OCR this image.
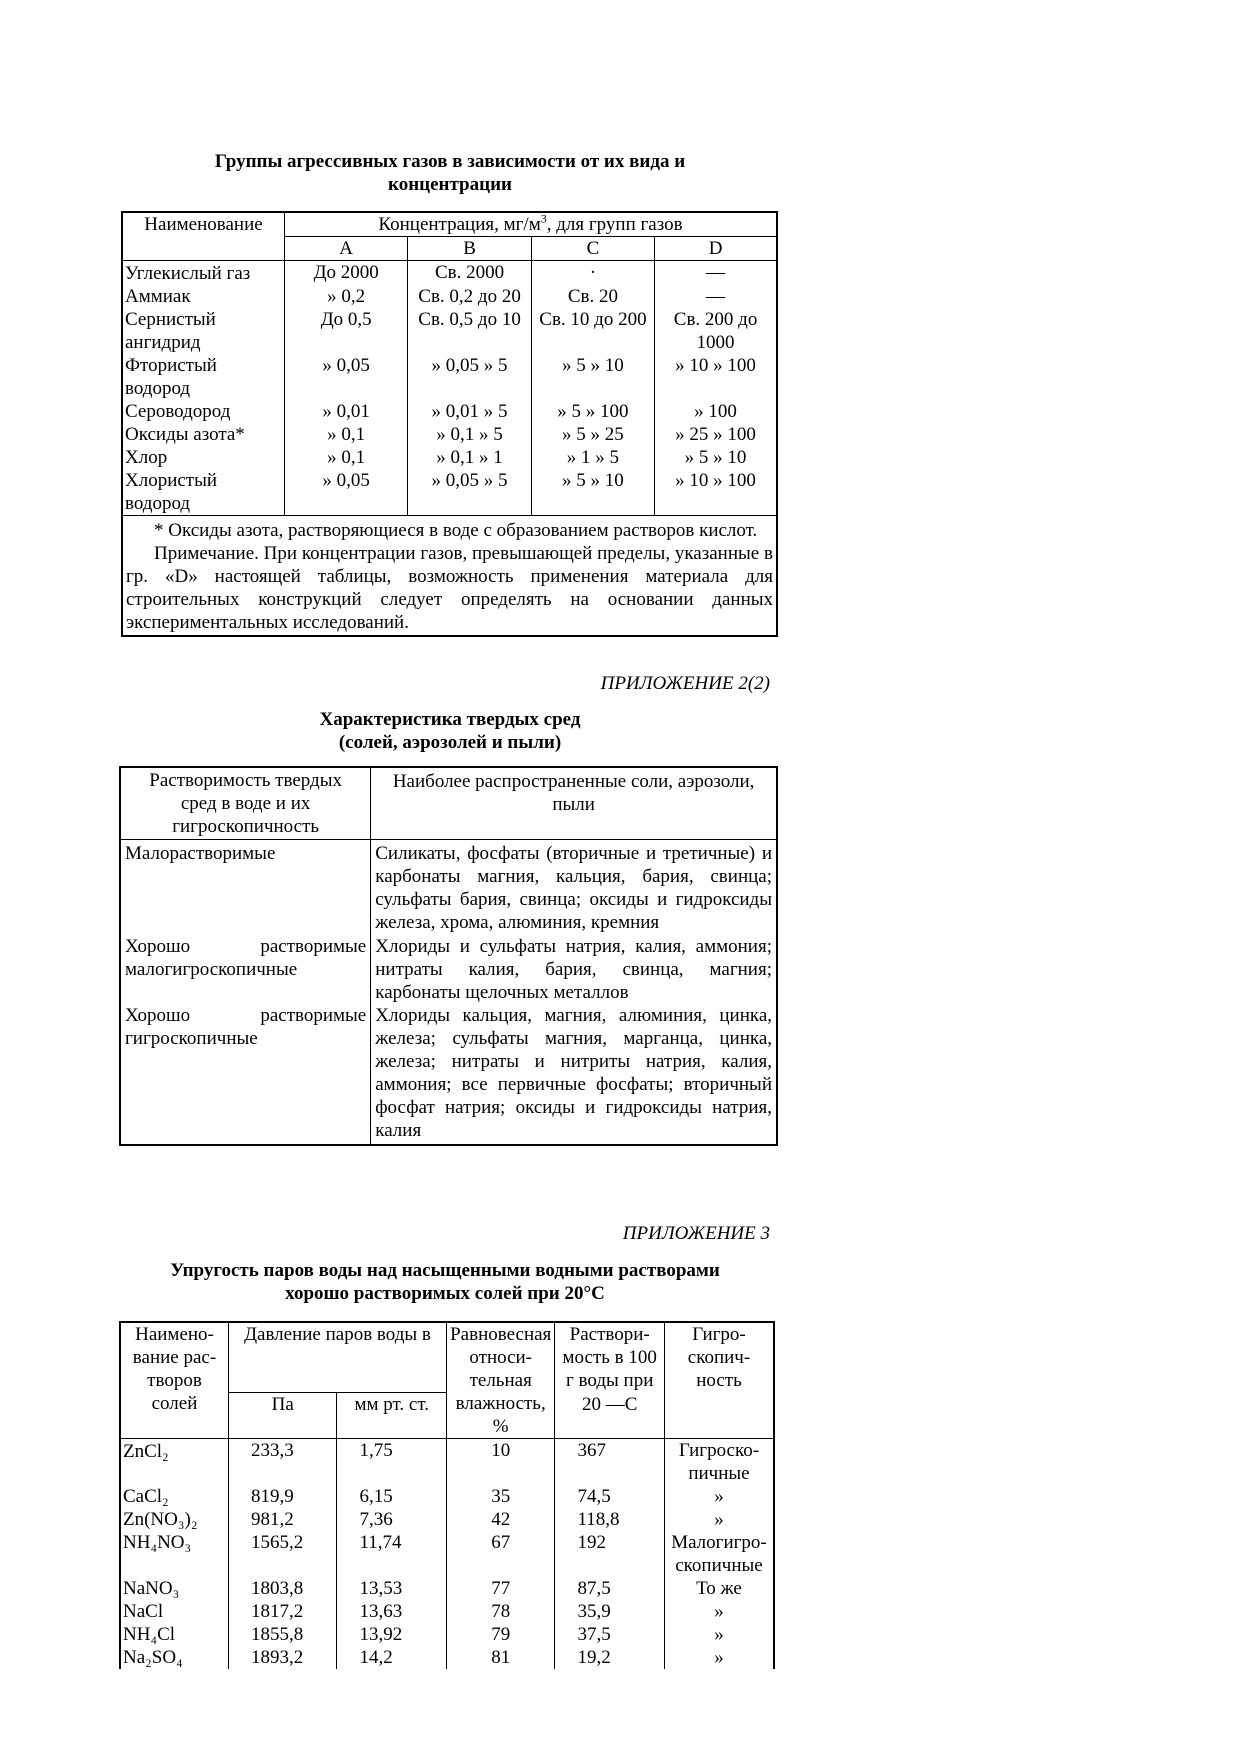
Группы агрессивных газов в зависимости от их вида и
концентрации
Наименование	Концентрация, $мг/м^3$, для групп газов			
	A	B	C	D
Углекислый газ	До 2000	Св. 2000	·	—
Аммиак	» 0,2	Св. 0,2 до 20	Св. 20	—
Сернистый ангидрид	До 0,5	Св. 0,5 до 10	Св. 10 до 200	Св. 200 до 1000
Фтористый водород	» 0,05	» 0,05 » 5	» 5 » 10	» 10 » 100
Сероводород	» 0,01	» 0,01 » 5	» 5 » 100	» 100
Оксиды азота*	» 0,1	» 0,1 » 5	» 5 » 25	» 25 » 100
Хлор	» 0,1	» 0,1 » 1	» 1 » 5	» 5 » 10
Хлористый водород	» 0,05	» 0,05 » 5	» 5 » 10	» 10 » 100

* Оксиды азота, растворяющиеся в воде с образованием растворов кислот.
Примечание. При концентрации газов, превышающей пределы, указанные в гр. «D» настоящей таблицы, возможность применения материала для строительных конструкций следует определять на основании данных экспериментальных исследований.				
ПРИЛОЖЕНИЕ 2(2)
Характеристика твердых сред
(солей, аэрозолей и пыли)
Растворимость твердых сред в воде и их гигроскопичность	Наиболее распространенные соли, аэрозоли, пыли
Малорастворимые	Силикаты, фосфаты (вторичные и третичные) и карбонаты магния, кальция, бария, свинца; сульфаты бария, свинца; оксиды и гидроксиды железа, хрома, алюминия, кремния
Хорошо растворимые малогигроскопичные	Хлориды и сульфаты натрия, калия, аммония; нитраты калия, бария, свинца, магния; карбонаты щелочных металлов
Хорошо растворимые гигроскопичные	Хлориды кальция, магния, алюминия, цинка, железа; сульфаты магния, марганца, цинка, железа; нитраты и нитриты натрия, калия, аммония; все первичные фосфаты; вторичный фосфат натрия; оксиды и гидроксиды натрия, калия
ПРИЛОЖЕНИЕ 3
Упругость паров воды над насыщенными водными растворами
хорошо растворимых солей при 20°С
Наимено-вание рас-творов солей	Давление паров воды в		Равновесная относи-тельная влажность, %	Раствори-мость в 100 г воды при	Гигро-скопич-ность
	Па	мм рт. ст.		20 —С	
ZnCl₂	233,3	1,75	10	367	Гигроско-пичные
CaCl₂	819,9	6,15	35	74,5	»
Zn(NO₃)₂	981,2	7,36	42	118,8	»
NH₄NO₃	1565,2	11,74	67	192	Малогигро-скопичные
NaNO₃	1803,8	13,53	77	87,5	То же
NaCl	1817,2	13,63	78	35,9	»
NH₄Cl	1855,8	13,92	79	37,5	»
Na₂SO₄	1893,2	14,2	81	19,2	»
